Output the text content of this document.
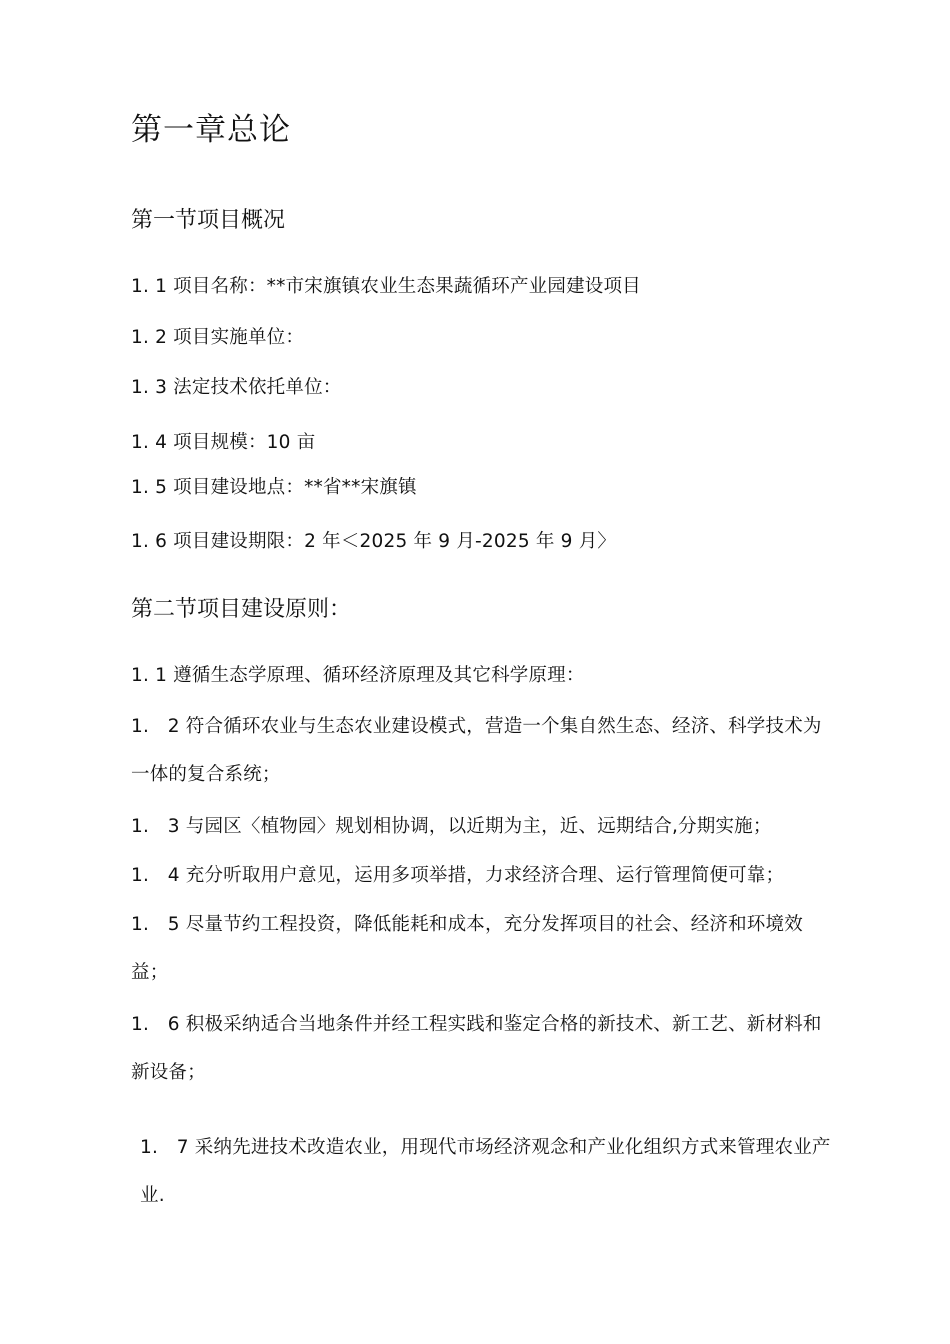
第一章总论
第一节项目概况
1. 1 项目名称：**市宋旗镇农业生态果蔬循环产业园建设项目
1. 2 项目实施单位：
1. 3 法定技术依托单位：
1. 4 项目规模：10 亩
1. 5 项目建设地点：**省**宋旗镇
1. 6 项目建设期限：2 年＜2025 年 9 月-2025 年 9 月〉
第二节项目建设原则：
1. 1 遵循生态学原理、循环经济原理及其它科学原理：
1.　2 符合循环农业与生态农业建设模式，营造一个集自然生态、经济、科学技术为一体的复合系统；
1.　3 与园区〈植物园〉规划相协调，以近期为主，近、远期结合,分期实施；
1.　4 充分听取用户意见，运用多项举措，力求经济合理、运行管理简便可靠；
1.　5 尽量节约工程投资，降低能耗和成本，充分发挥项目的社会、经济和环境效益；
1.　6 积极采纳适合当地条件并经工程实践和鉴定合格的新技术、新工艺、新材料和新设备；
1.　7 采纳先进技术改造农业，用现代市场经济观念和产业化组织方式来管理农业产业.
